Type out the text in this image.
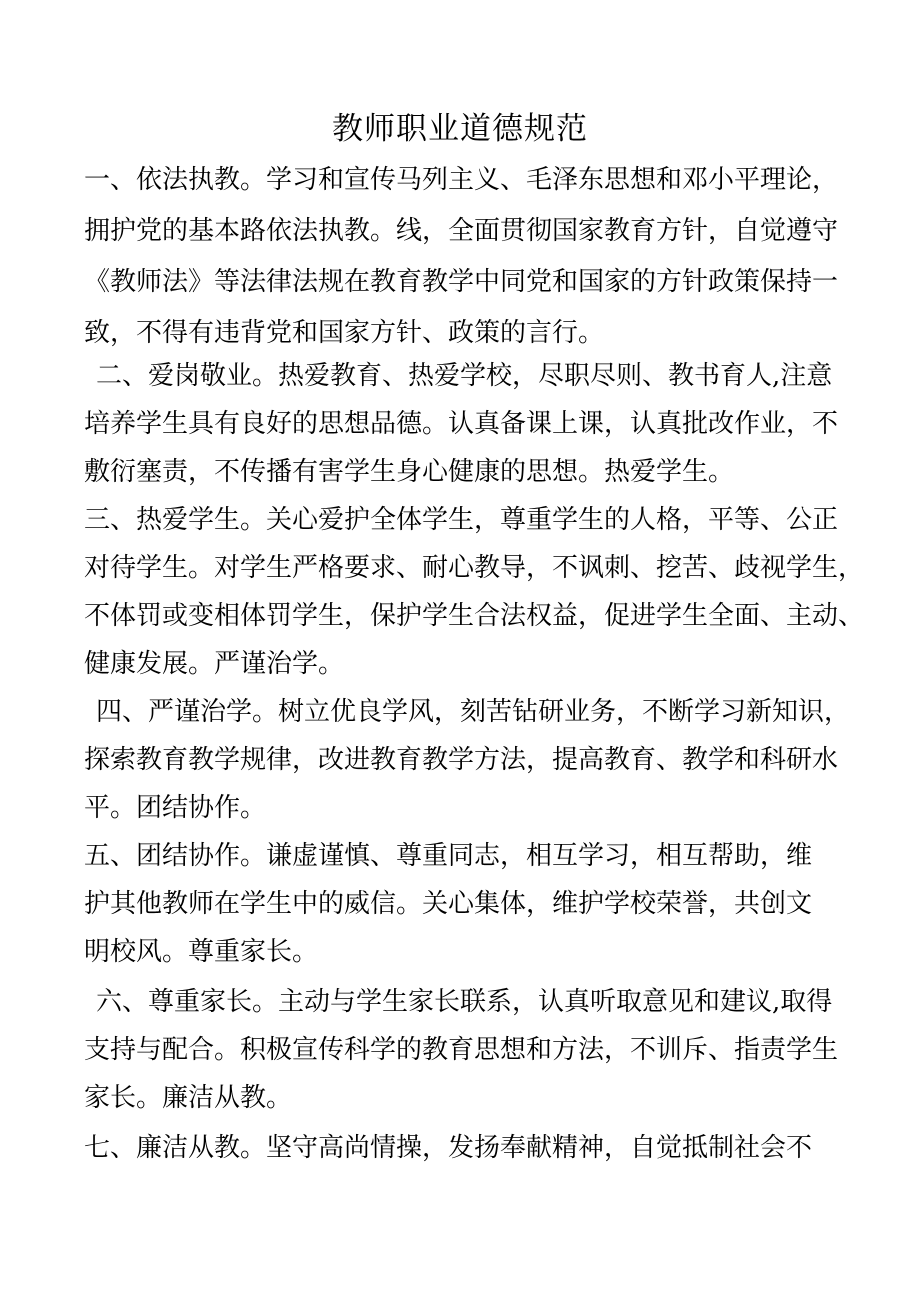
教师职业道德规范
一、依法执教。学习和宣传马列主义、毛泽东思想和邓小平理论，
拥护党的基本路依法执教。线，全面贯彻国家教育方针，自觉遵守
《教师法》等法律法规在教育教学中同党和国家的方针政策保持一
致，不得有违背党和国家方针、政策的言行。
二、爱岗敬业。热爱教育、热爱学校，尽职尽则、教书育人,注意
培养学生具有良好的思想品德。认真备课上课，认真批改作业，不
敷衍塞责，不传播有害学生身心健康的思想。热爱学生。
三、热爱学生。关心爱护全体学生，尊重学生的人格，平等、公正
对待学生。对学生严格要求、耐心教导，不讽刺、挖苦、歧视学生，
不体罚或变相体罚学生，保护学生合法权益，促进学生全面、主动、
健康发展。严谨治学。
四、严谨治学。树立优良学风，刻苦钻研业务，不断学习新知识，
探索教育教学规律，改进教育教学方法，提高教育、教学和科研水
平。团结协作。
五、团结协作。谦虚谨慎、尊重同志，相互学习，相互帮助，维
护其他教师在学生中的威信。关心集体，维护学校荣誉，共创文
明校风。尊重家长。
六、尊重家长。主动与学生家长联系，认真听取意见和建议,取得
支持与配合。积极宣传科学的教育思想和方法，不训斥、指责学生
家长。廉洁从教。
七、廉洁从教。坚守高尚情操，发扬奉献精神，自觉抵制社会不
